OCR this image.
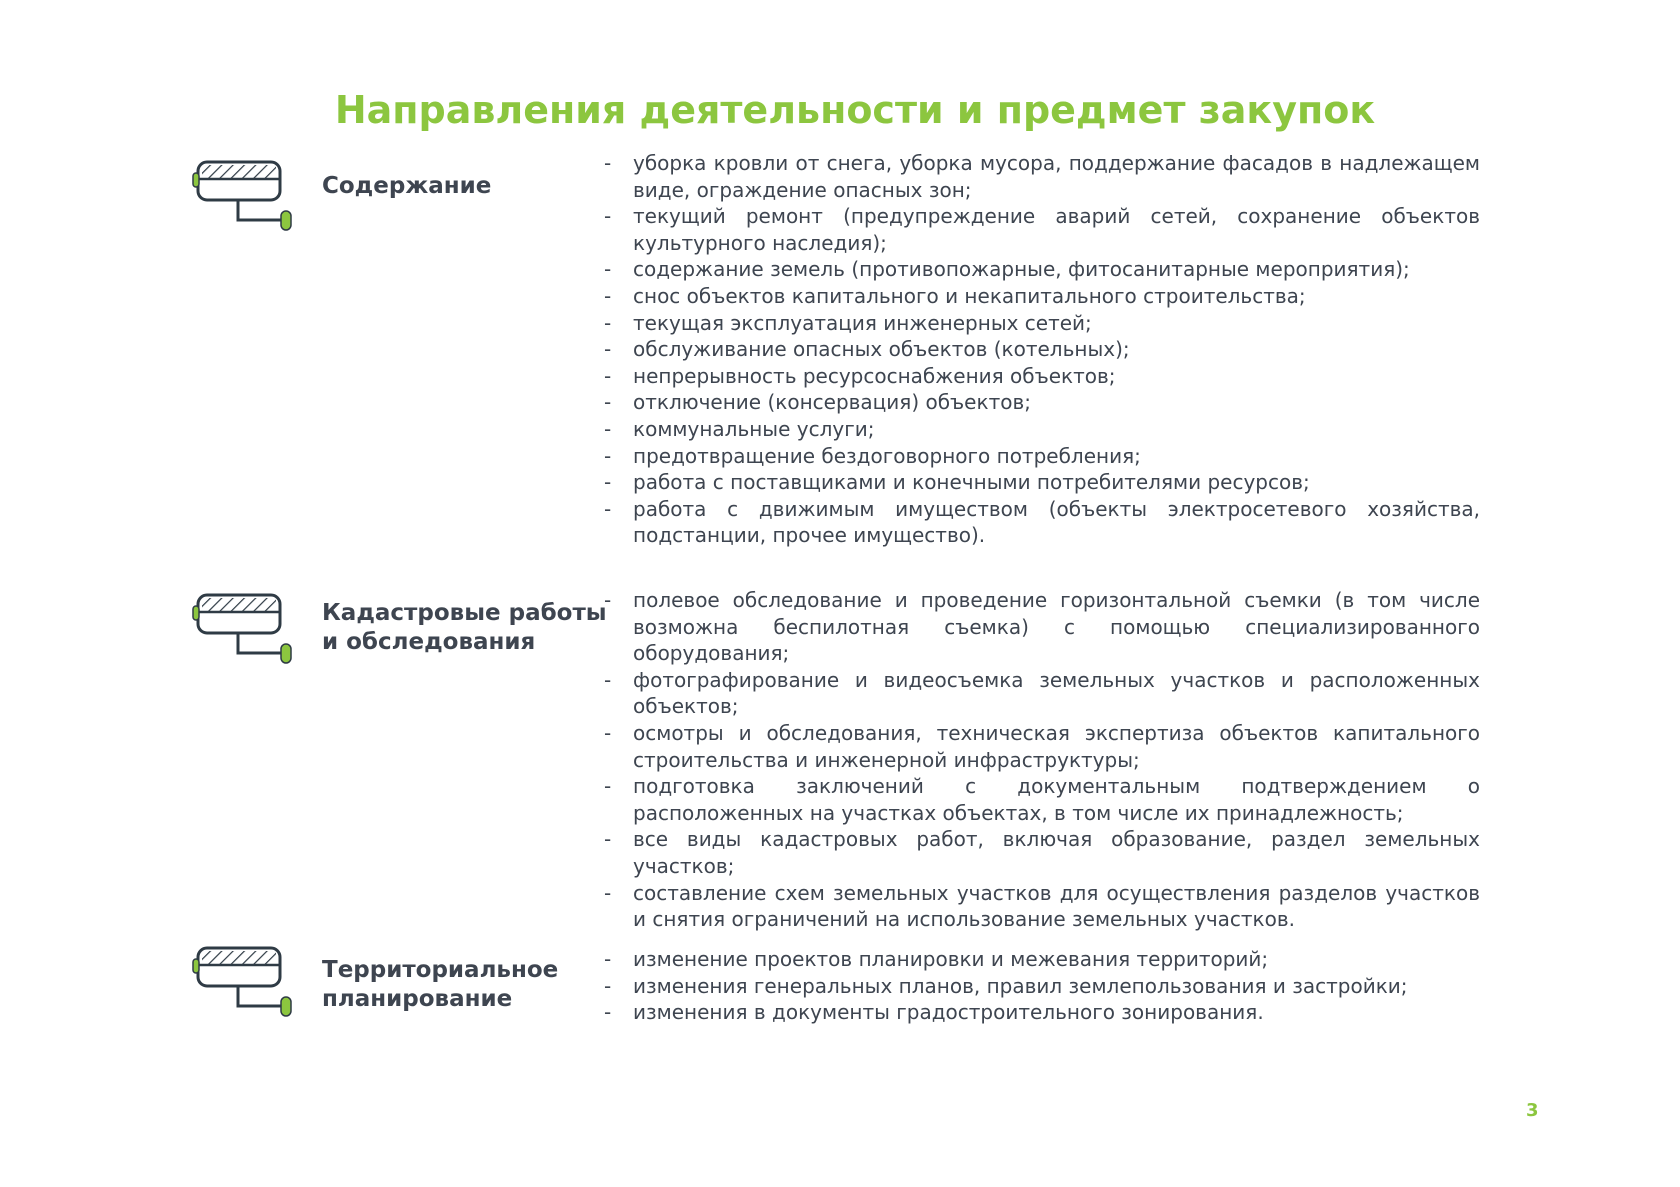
Направления деятельности и предмет закупок
Содержание
- уборка кровли от снега, уборка мусора, поддержание фасадов в надлежащем виде, ограждение опасных зон;
- текущий ремонт (предупреждение аварий сетей, сохранение объектов культурного наследия);
- содержание земель (противопожарные, фитосанитарные мероприятия);
- снос объектов капитального и некапитального строительства;
- текущая эксплуатация инженерных сетей;
- обслуживание опасных объектов (котельных);
- непрерывность ресурсоснабжения объектов;
- отключение (консервация) объектов;
- коммунальные услуги;
- предотвращение бездоговорного потребления;
- работа с поставщиками и конечными потребителями ресурсов;
- работа с движимым имуществом (объекты электросетевого хозяйства, подстанции, прочее имущество).
Кадастровые работы
и обследования
- полевое обследование и проведение горизонтальной съемки (в том числе возможна беспилотная съемка) с помощью специализированного оборудования;
- фотографирование и видеосъемка земельных участков и расположенных объектов;
- осмотры и обследования, техническая экспертиза объектов капитального строительства и инженерной инфраструктуры;
- подготовка заключений с документальным подтверждением о расположенных на участках объектах, в том числе их принадлежность;
- все виды кадастровых работ, включая образование, раздел земельных участков;
- составление схем земельных участков для осуществления разделов участков и снятия ограничений на использование земельных участков.
Территориальное
планирование
- изменение проектов планировки и межевания территорий;
- изменения генеральных планов, правил землепользования и застройки;
- изменения в документы градостроительного зонирования.
3
